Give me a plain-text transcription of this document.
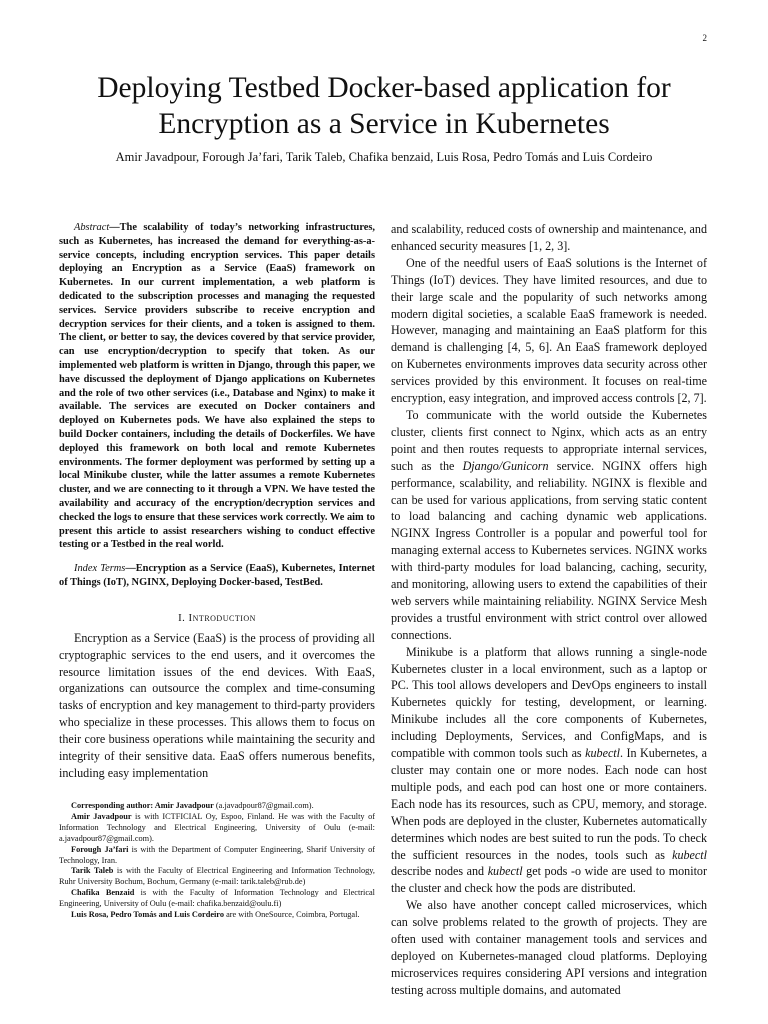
2
Deploying Testbed Docker-based application for
Encryption as a Service in Kubernetes
Amir Javadpour, Forough Ja’fari, Tarik Taleb, Chafika benzaid, Luis Rosa, Pedro Tomás and Luis Cordeiro

Abstract—The scalability of today’s networking infrastructures, such as Kubernetes, has increased the demand for everything-as-a-service concepts, including encryption services. This paper details deploying an Encryption as a Service (EaaS) framework on Kubernetes. In our current implementation, a web platform is dedicated to the subscription processes and managing the requested services. Service providers subscribe to receive encryption and decryption services for their clients, and a token is assigned to them. The client, or better to say, the devices covered by that service provider, can use encryption/decryption to specify that token. As our implemented web platform is written in Django, through this paper, we have discussed the deployment of Django applications on Kubernetes and the role of two other services (i.e., Database and Nginx) to make it available. The services are executed on Docker containers and deployed on Kubernetes pods. We have also explained the steps to build Docker containers, including the details of Dockerfiles. We have deployed this framework on both local and remote Kubernetes environments. The former deployment was performed by setting up a local Minikube cluster, while the latter assumes a remote Kubernetes cluster, and we are connecting to it through a VPN. We have tested the availability and accuracy of the encryption/decryption services and checked the logs to ensure that these services work correctly. We aim to present this article to assist researchers wishing to conduct effective testing or a Testbed in the real world.

Index Terms—Encryption as a Service (EaaS), Kubernetes, Internet of Things (IoT), NGINX, Deploying Docker-based, TestBed.

I. Introduction

Encryption as a Service (EaaS) is the process of providing all cryptographic services to the end users, and it overcomes the resource limitation issues of the end devices. With EaaS, organizations can outsource the complex and time-consuming tasks of encryption and key management to third-party providers who specialize in these processes. This allows them to focus on their core business operations while maintaining the security and integrity of their sensitive data. EaaS offers numerous benefits, including easy implementation

Corresponding author: Amir Javadpour (a.javadpour87@gmail.com).

Amir Javadpour is with ICTFICIAL Oy, Espoo, Finland. He was with the Faculty of Information Technology and Electrical Engineering, University of Oulu (e-mail: a.javadpour87@gmail.com).

Forough Ja’fari is with the Department of Computer Engineering, Sharif University of Technology, Iran.

Tarik Taleb is with the Faculty of Electrical Engineering and Information Technology, Ruhr University Bochum, Bochum, Germany (e-mail: tarik.taleb@rub.de)

Chafika Benzaid is with the Faculty of Information Technology and Electrical Engineering, University of Oulu (e-mail: chafika.benzaid@oulu.fi)

Luis Rosa, Pedro Tomás and Luis Cordeiro are with OneSource, Coimbra, Portugal.

and scalability, reduced costs of ownership and maintenance, and enhanced security measures [1, 2, 3].

One of the needful users of EaaS solutions is the Internet of Things (IoT) devices. They have limited resources, and due to their large scale and the popularity of such networks among modern digital societies, a scalable EaaS framework is needed. However, managing and maintaining an EaaS platform for this demand is challenging [4, 5, 6]. An EaaS framework deployed on Kubernetes environments improves data security across other services provided by this environment. It focuses on real-time encryption, easy integration, and improved access controls [2, 7].

To communicate with the world outside the Kubernetes cluster, clients first connect to Nginx, which acts as an entry point and then routes requests to appropriate internal services, such as the Django/Gunicorn service. NGINX offers high performance, scalability, and reliability. NGINX is flexible and can be used for various applications, from serving static content to load balancing and caching dynamic web applications. NGINX Ingress Controller is a popular and powerful tool for managing external access to Kubernetes services. NGINX works with third-party modules for load balancing, caching, security, and monitoring, allowing users to extend the capabilities of their web servers while maintaining reliability. NGINX Service Mesh provides a trustful environment with strict control over allowed connections.

Minikube is a platform that allows running a single-node Kubernetes cluster in a local environment, such as a laptop or PC. This tool allows developers and DevOps engineers to install Kubernetes quickly for testing, development, or learning. Minikube includes all the core components of Kubernetes, including Deployments, Services, and ConfigMaps, and is compatible with common tools such as kubectl. In Kubernetes, a cluster may contain one or more nodes. Each node can host multiple pods, and each pod can host one or more containers. Each node has its resources, such as CPU, memory, and storage. When pods are deployed in the cluster, Kubernetes automatically determines which nodes are best suited to run the pods. To check the sufficient resources in the nodes, tools such as kubectl describe nodes and kubectl get pods -o wide are used to monitor the cluster and check how the pods are distributed.

We also have another concept called microservices, which can solve problems related to the growth of projects. They are often used with container management tools and services and deployed on Kubernetes-managed cloud platforms. Deploying microservices requires considering API versions and integration testing across multiple domains, and automated
